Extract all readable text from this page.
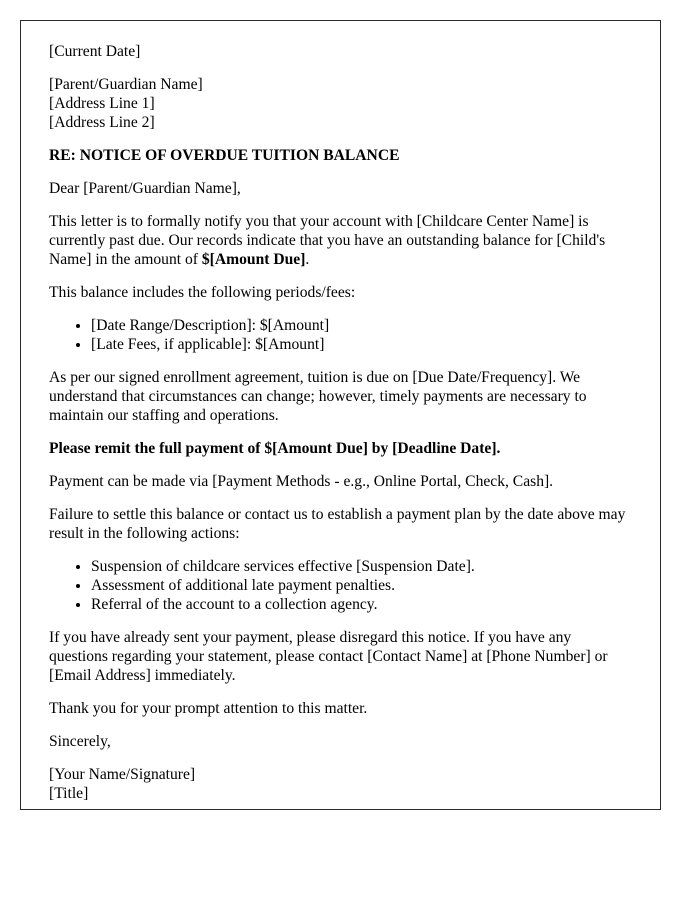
[Current Date]

[Parent/Guardian Name]
[Address Line 1]
[Address Line 2]

RE: NOTICE OF OVERDUE TUITION BALANCE

Dear [Parent/Guardian Name],

This letter is to formally notify you that your account with [Childcare Center Name] is currently past due. Our records indicate that you have an outstanding balance for [Child's Name] in the amount of $[Amount Due].

This balance includes the following periods/fees:

• [Date Range/Description]: $[Amount]
• [Late Fees, if applicable]: $[Amount]

As per our signed enrollment agreement, tuition is due on [Due Date/Frequency]. We understand that circumstances can change; however, timely payments are necessary to maintain our staffing and operations.

Please remit the full payment of $[Amount Due] by [Deadline Date].

Payment can be made via [Payment Methods - e.g., Online Portal, Check, Cash].

Failure to settle this balance or contact us to establish a payment plan by the date above may result in the following actions:

• Suspension of childcare services effective [Suspension Date].
• Assessment of additional late payment penalties.
• Referral of the account to a collection agency.

If you have already sent your payment, please disregard this notice. If you have any questions regarding your statement, please contact [Contact Name] at [Phone Number] or [Email Address] immediately.

Thank you for your prompt attention to this matter.

Sincerely,

[Your Name/Signature]
[Title]
